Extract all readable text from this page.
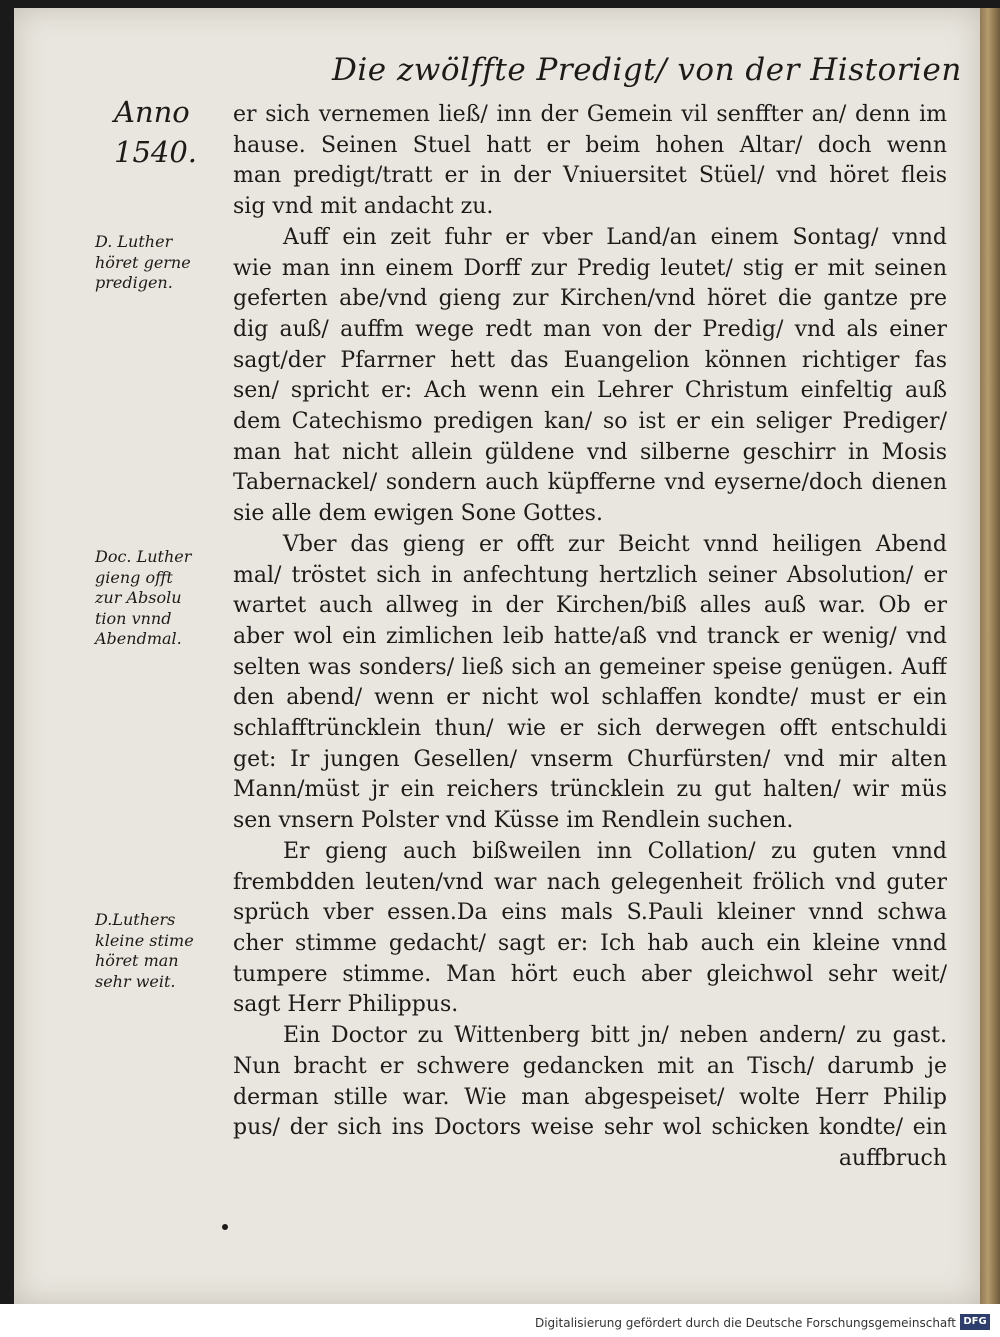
Die zwölffte Predigt/ von der Historien
Anno
1540.
er sich vernemen ließ/ inn der Gemein vil senffter an/ denn im
hause. Seinen Stuel hatt er beim hohen Altar/ doch wenn
man predigt/tratt er in der Vniuersitet Stüel/ vnd höret fleis
sig vnd mit andacht zu.
Auff ein zeit fuhr er vber Land/an einem Sontag/ vnnd
wie man inn einem Dorff zur Predig leutet/ stig er mit seinen
geferten abe/vnd gieng zur Kirchen/vnd höret die gantze pre
dig auß/ auffm wege redt man von der Predig/ vnd als einer
sagt/der Pfarrner hett das Euangelion können richtiger fas
sen/ spricht er: Ach wenn ein Lehrer Christum einfeltig auß
dem Catechismo predigen kan/ so ist er ein seliger Prediger/
man hat nicht allein güldene vnd silberne geschirr in Mosis
Tabernackel/ sondern auch küpfferne vnd eyserne/doch dienen
sie alle dem ewigen Sone Gottes.
Vber das gieng er offt zur Beicht vnnd heiligen Abend
mal/ tröstet sich in anfechtung hertzlich seiner Absolution/ er
wartet auch allweg in der Kirchen/biß alles auß war. Ob er
aber wol ein zimlichen leib hatte/aß vnd tranck er wenig/ vnd
selten was sonders/ ließ sich an gemeiner speise genügen. Auff
den abend/ wenn er nicht wol schlaffen kondte/ must er ein
schlafftrüncklein thun/ wie er sich derwegen offt entschuldi
get: Ir jungen Gesellen/ vnserm Churfürsten/ vnd mir alten
Mann/müst jr ein reichers trüncklein zu gut halten/ wir müs
sen vnsern Polster vnd Küsse im Rendlein suchen.
Er gieng auch bißweilen inn Collation/ zu guten vnnd
frembdden leuten/vnd war nach gelegenheit frölich vnd guter
sprüch vber essen.Da eins mals S.Pauli kleiner vnnd schwa
cher stimme gedacht/ sagt er: Ich hab auch ein kleine vnnd
tumpere stimme. Man hört euch aber gleichwol sehr weit/
sagt Herr Philippus.
Ein Doctor zu Wittenberg bitt jn/ neben andern/ zu gast.
Nun bracht er schwere gedancken mit an Tisch/ darumb je
derman stille war. Wie man abgespeiset/ wolte Herr Philip
pus/ der sich ins Doctors weise sehr wol schicken kondte/ ein
auffbruch
D. Luther
höret gerne
predigen.
Doc. Luther
gieng offt
zur Absolu
tion vnnd
Abendmal.
D.Luthers
kleine stime
höret man
sehr weit.
Digitalisierung gefördert durch die Deutsche Forschungsgemeinschaft DFG
